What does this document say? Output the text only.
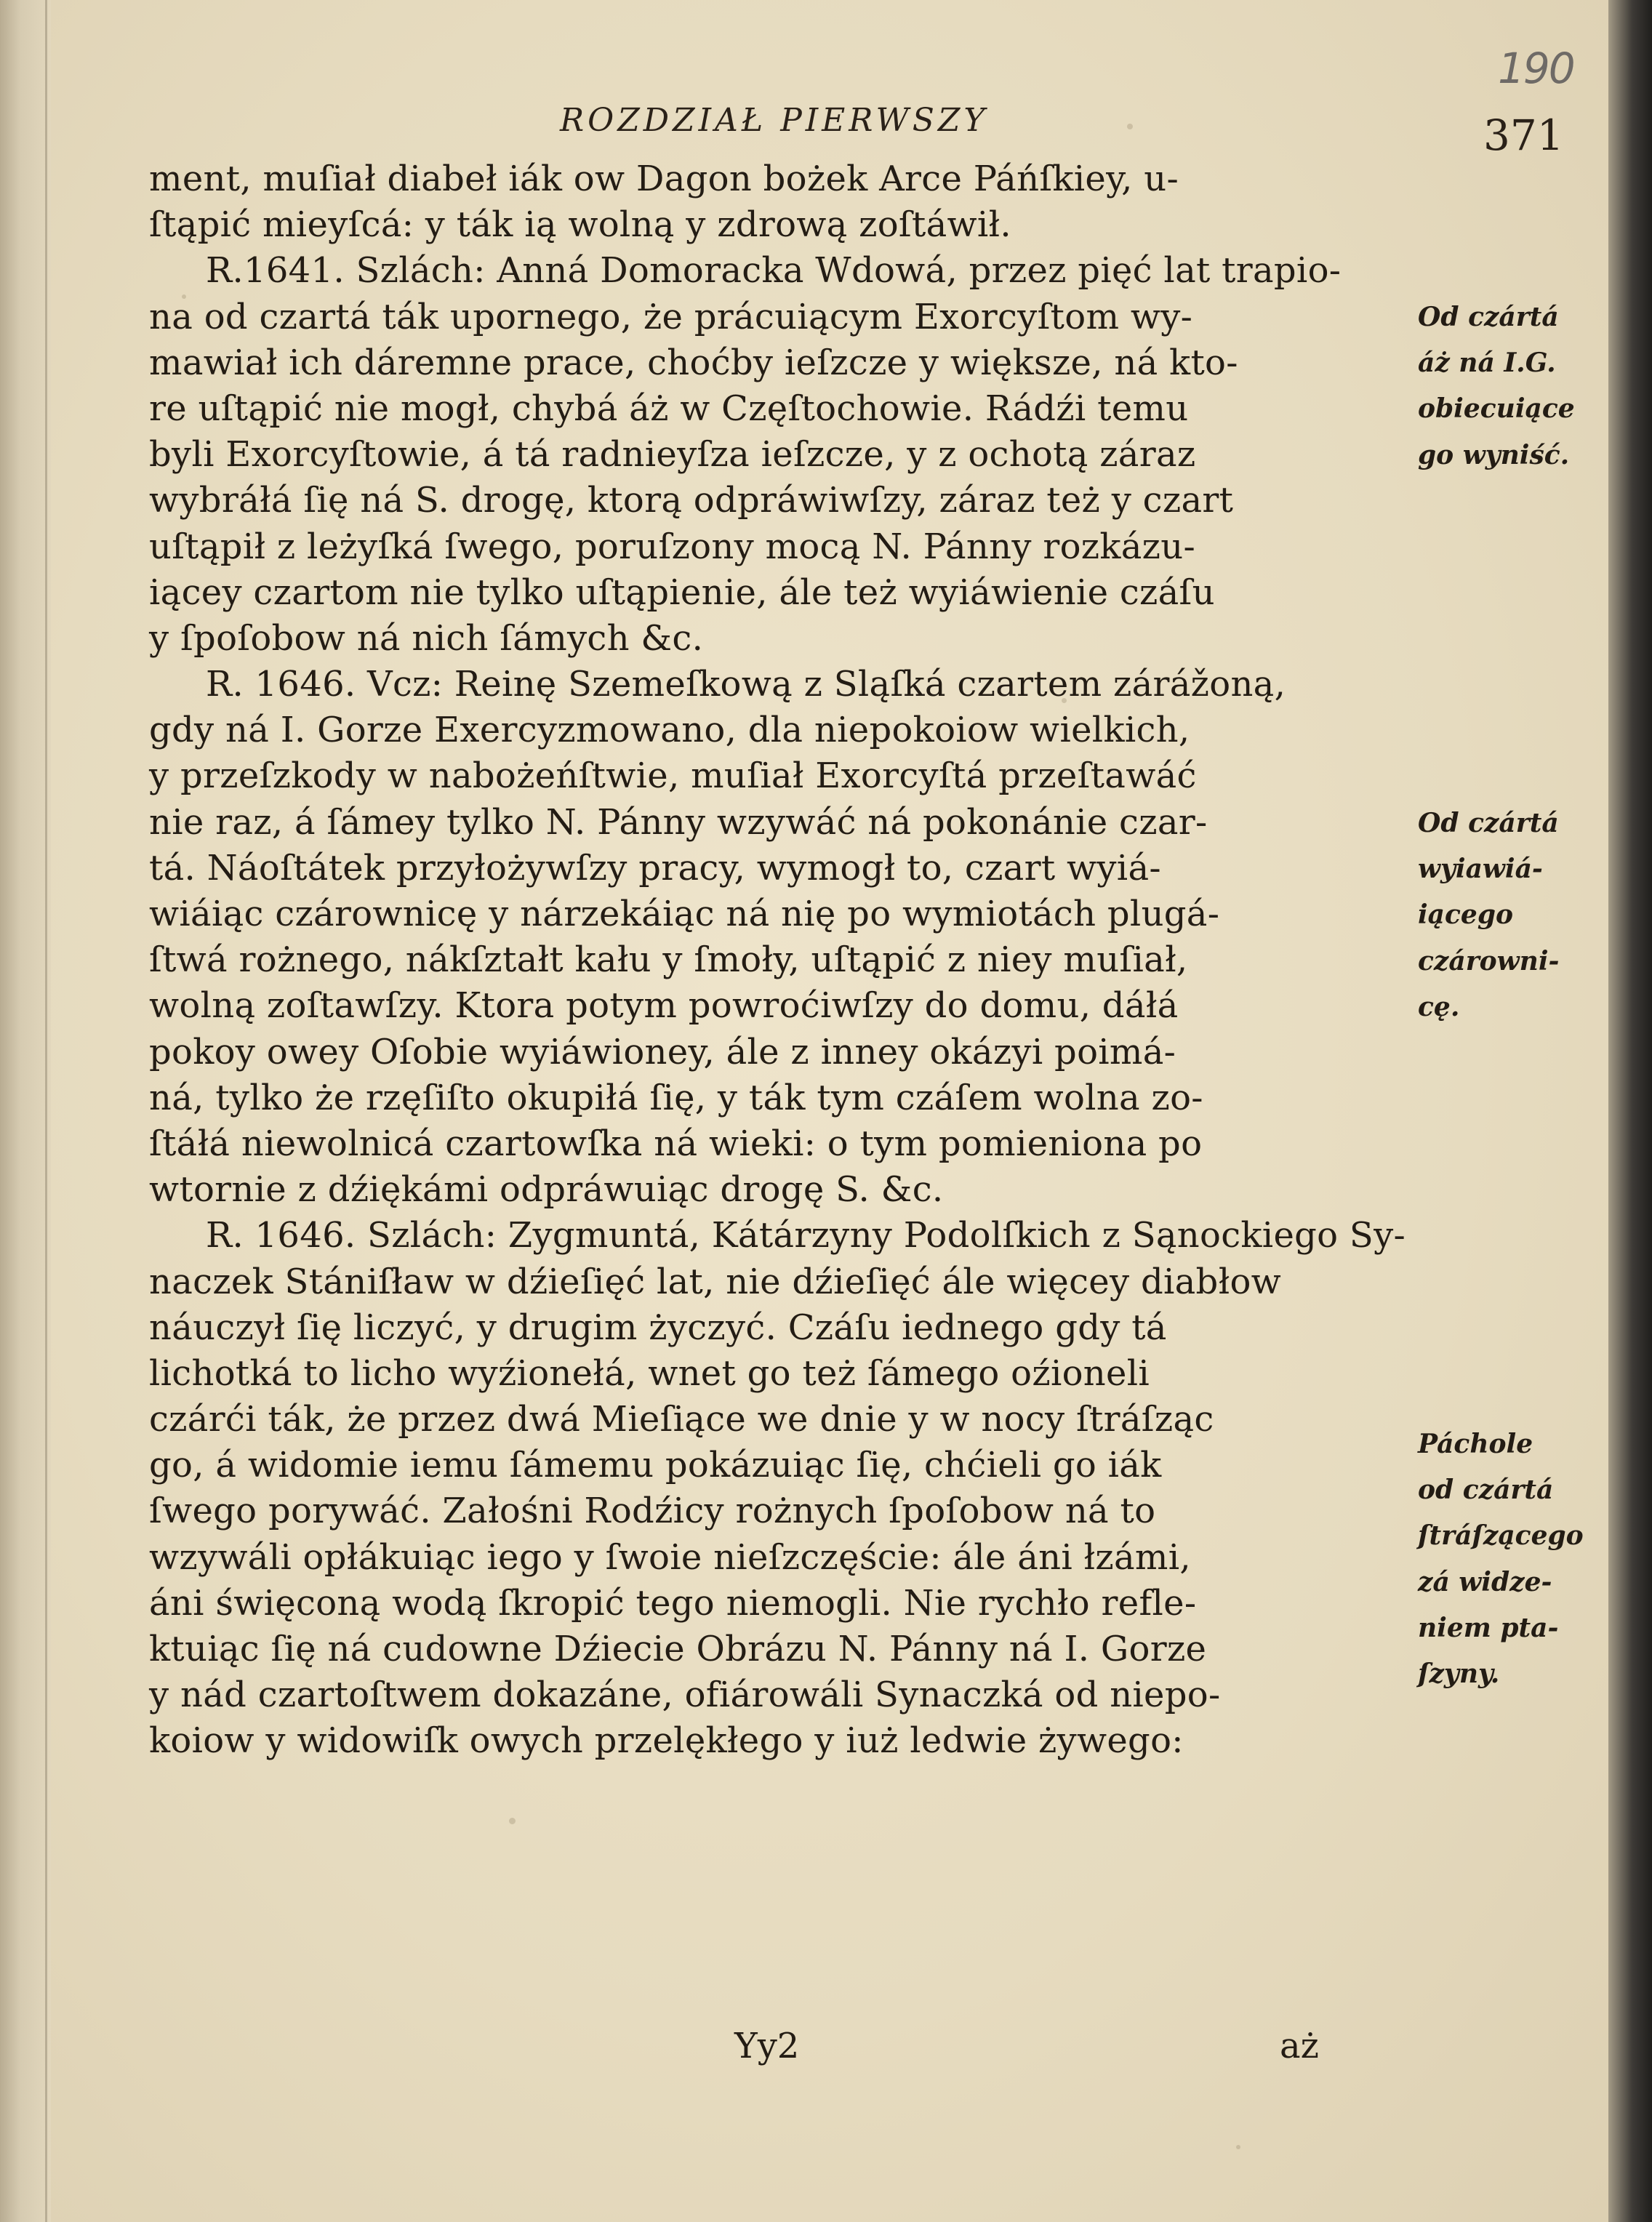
190
ROZDZIAŁ PIERWSZY	371
ment, muſiał diabeł iák ow Dagon bożek Arce Páńſkiey, u-
ſtąpić mieyſcá: y ták ią wolną y zdrową zoſtáwił.
R.1641. Szlách: Anná Domoracka Wdowá, przez pięć lat trapio-
na od czartá ták upornego, że prácuiącym Exorcyſtom wy-
mawiał ich dáremne prace, choćby ieſzcze y większe, ná kto-
re uſtąpić nie mogł, chybá áż w Częſtochowie. Rádźi temu
byli Exorcyſtowie, á tá radnieyſza ieſzcze, y z ochotą záraz
wybráłá ſię ná S. drogę, ktorą odpráwiwſzy, záraz też y czart
uſtąpił z leżyſká ſwego, poruſzony mocą N. Pánny rozkázu-
iącey czartom nie tylko uſtąpienie, ále też wyiáwienie czáſu
y ſpoſobow ná nich ſámych &c.
R. 1646. Vcz: Reinę Szemeſkową z Sląſká czartem zárážoną,
gdy ná I. Gorze Exercyzmowano, dla niepokoiow wielkich,
y przeſzkody w nabożeńſtwie, muſiał Exorcyſtá przeſtawáć
nie raz, á ſámey tylko N. Pánny wzywáć ná pokonánie czar-
tá. Náoſtátek przyłożywſzy pracy, wymogł to, czart wyiá-
wiáiąc czárownicę y nárzekáiąc ná nię po wymiotách plugá-
ſtwá rożnego, nákſztałt kału y ſmoły, uſtąpić z niey muſiał,
wolną zoſtawſzy. Ktora potym powroćiwſzy do domu, dáłá
pokoy owey Oſobie wyiáwioney, ále z inney okázyi poimá-
ná, tylko że rzęſiſto okupiłá ſię, y ták tym czáſem wolna zo-
ſtáłá niewolnicá czartowſka ná wieki: o tym pomieniona po
wtornie z dźiękámi odpráwuiąc drogę S. &c.
R. 1646. Szlách: Zygmuntá, Kátárzyny Podolſkich z Sąnockiego Sy-
naczek Stániſław w dźieſięć lat, nie dźieſięć ále więcey diabłow
náuczył ſię liczyć, y drugim życzyć. Czáſu iednego gdy tá
lichotká to licho wyźionełá, wnet go też ſámego oźioneli
czárći ták, że przez dwá Mieſiące we dnie y w nocy ſtráſząc
go, á widomie iemu ſámemu pokázuiąc ſię, chćieli go iák
ſwego porywáć. Załośni Rodźicy rożnych ſpoſobow ná to
wzywáli opłákuiąc iego y ſwoie nieſzczęście: ále áni łzámi,
áni święconą wodą ſkropić tego niemogli. Nie rychło refle-
ktuiąc ſię ná cudowne Dźiecie Obrázu N. Pánny ná I. Gorze
y nád czartoſtwem dokazáne, ofiárowáli Synaczká od niepo-
koiow y widowiſk owych przelękłego y iuż ledwie żywego:
Od czártá
áż ná I.G.
obiecuiące
go wyniść.
Od czártá
wyiawiá-
iącego
czárowni-
cę.
Páchole
od czártá
ſtráſzącego
zá widze-
niem pta-
ſzyny.
Yy2	aż
